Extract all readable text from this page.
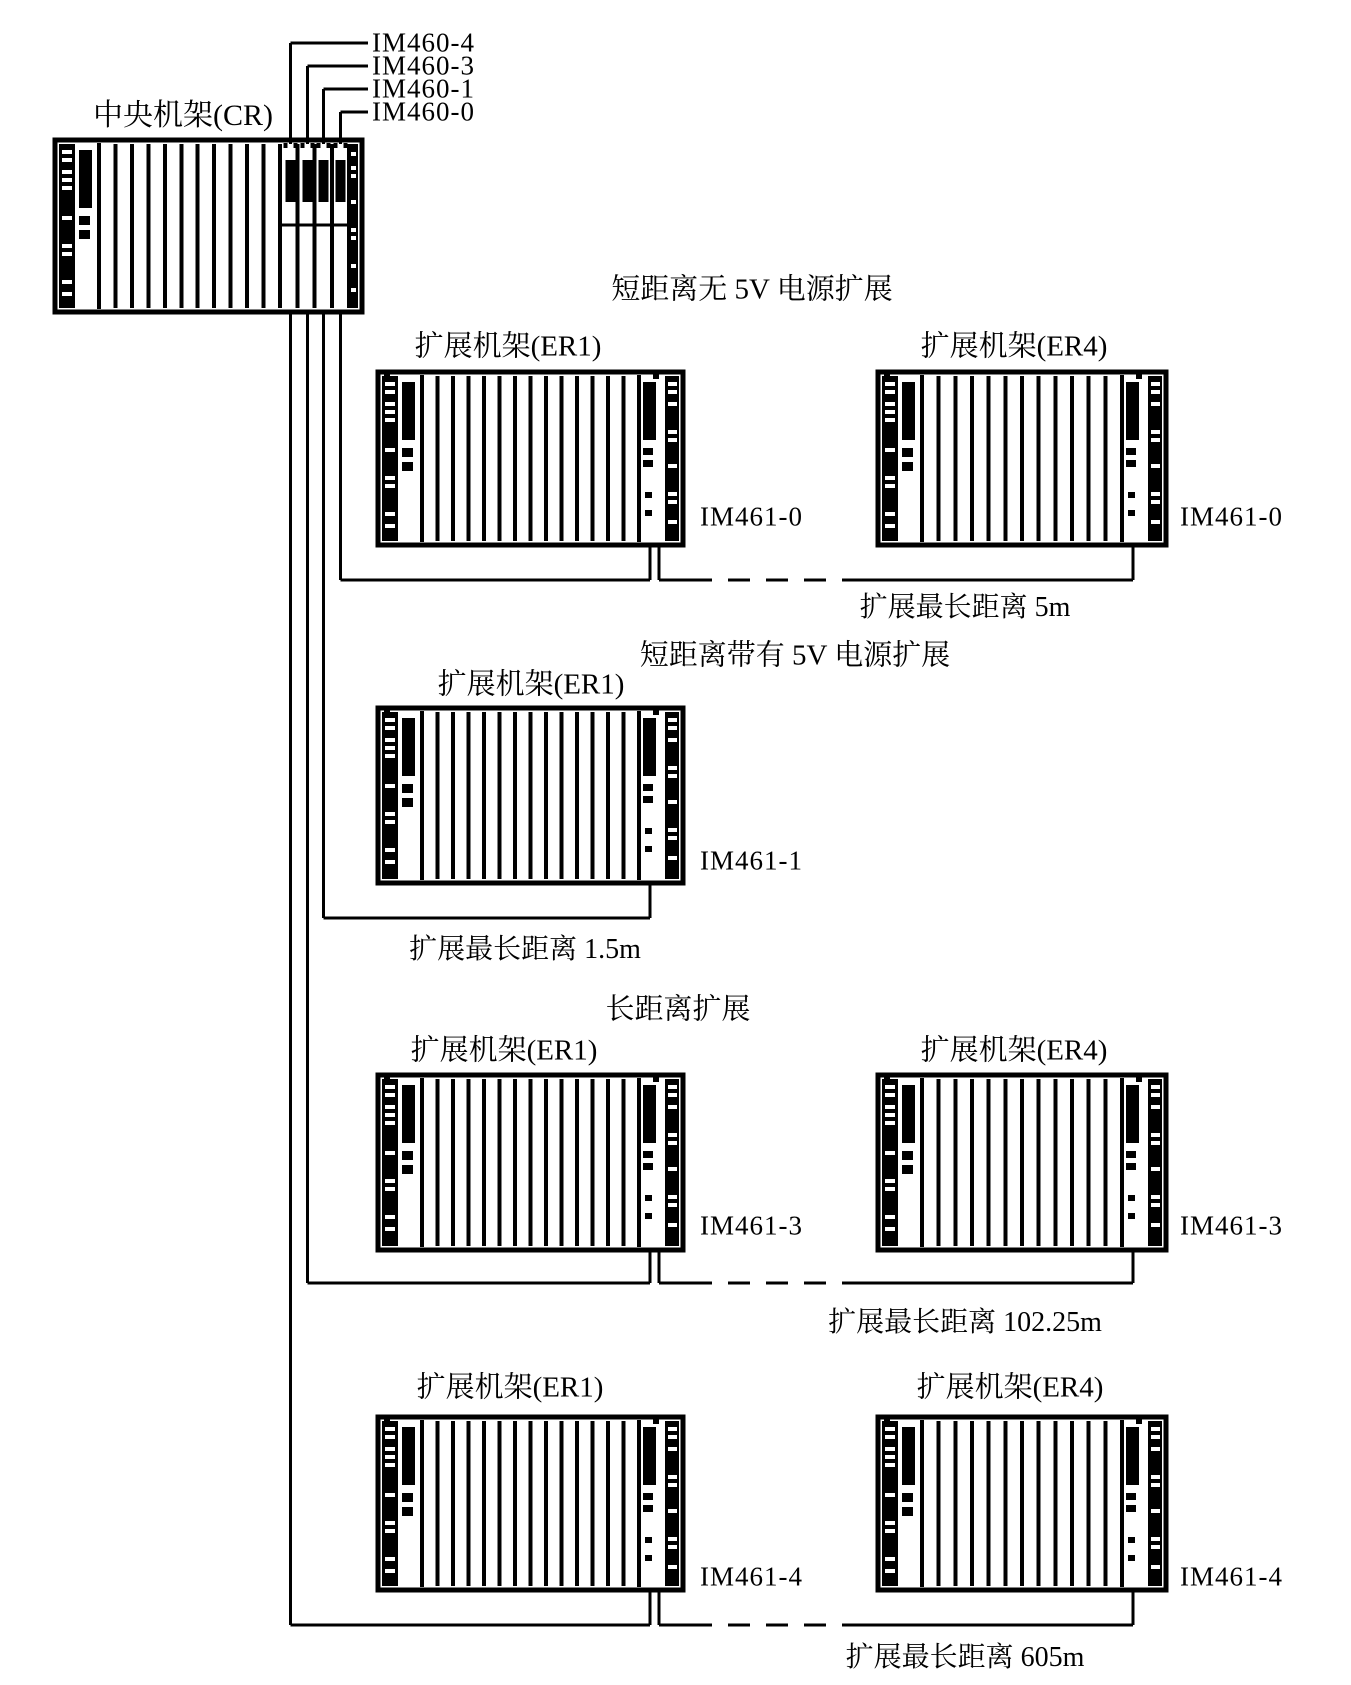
中央机架(CR)
IM460-4
IM460-3
IM460-1
IM460-0
短距离无 5V 电源扩展
扩展机架(ER1)	扩展机架(ER4)
IM461-0	IM461-0
扩展最长距离 5m
短距离带有 5V 电源扩展
扩展机架(ER1)
IM461-1
扩展最长距离 1.5m
长距离扩展
扩展机架(ER1)	扩展机架(ER4)
IM461-3	IM461-3
扩展最长距离 102.25m
扩展机架(ER1)	扩展机架(ER4)
IM461-4	IM461-4
扩展最长距离 605m
